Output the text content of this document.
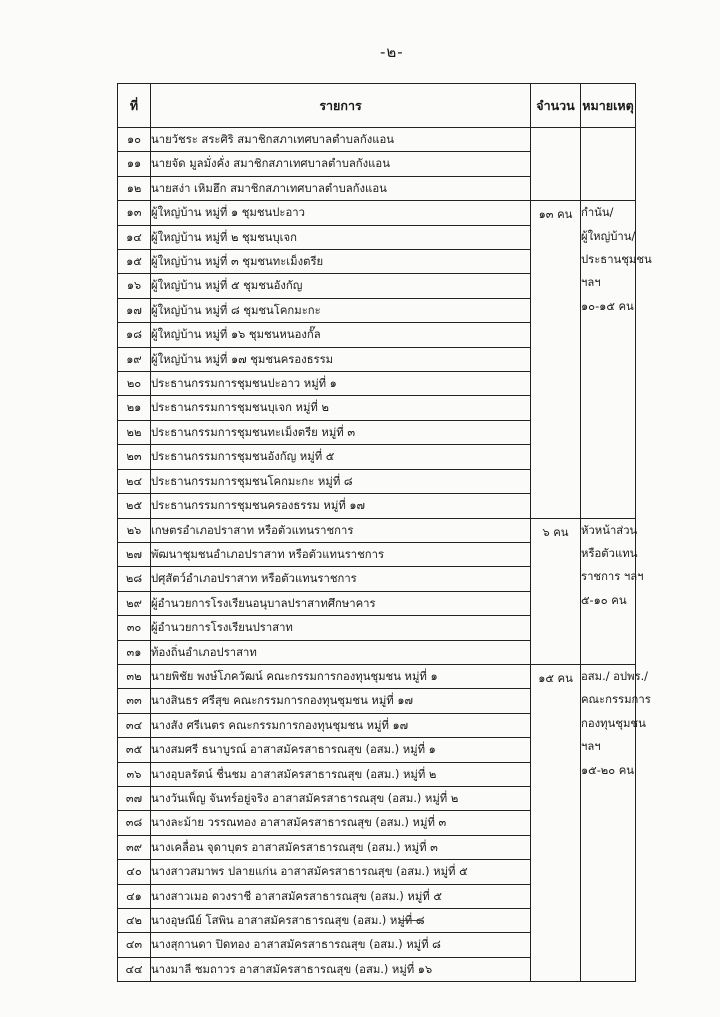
-๒-
ที่	รายการ	จำนวน	หมายเหตุ
๑๐	นายวัชระ สระศิริ สมาชิกสภาเทศบาลตำบลกังแอน	

๑๑	นายจัด มูลมั่งคั่ง สมาชิกสภาเทศบาลตำบลกังแอน		
๑๒	นายสง่า เหิมฮึก สมาชิกสภาเทศบาลตำบลกังแอน		
๑๓	ผู้ใหญ่บ้าน หมู่ที่ ๑ ชุมชนปะอาว	๑๓ คน	กำนัน/
ผู้ใหญ่บ้าน/
ประธานชุมชน
ฯลฯ
๑๐-๑๕ คน

๑๔	ผู้ใหญ่บ้าน หมู่ที่ ๒ ชุมชนบุเจก		
๑๕	ผู้ใหญ่บ้าน หมู่ที่ ๓ ชุมชนทะเม็งตรีย		
๑๖	ผู้ใหญ่บ้าน หมู่ที่ ๕ ชุมชนอังกัญ		
๑๗	ผู้ใหญ่บ้าน หมู่ที่ ๘ ชุมชนโคกมะกะ		
๑๘	ผู้ใหญ่บ้าน หมู่ที่ ๑๖ ชุมชนหนองกั๊ล		
๑๙	ผู้ใหญ่บ้าน หมู่ที่ ๑๗ ชุมชนครองธรรม		
๒๐	ประธานกรรมการชุมชนปะอาว หมู่ที่ ๑		
๒๑	ประธานกรรมการชุมชนบุเจก หมู่ที่ ๒		
๒๒	ประธานกรรมการชุมชนทะเม็งตรีย หมู่ที่ ๓		
๒๓	ประธานกรรมการชุมชนอังกัญ หมู่ที่ ๕		
๒๔	ประธานกรรมการชุมชนโคกมะกะ หมู่ที่ ๘		
๒๕	ประธานกรรมการชุมชนครองธรรม หมู่ที่ ๑๗		
๒๖	เกษตรอำเภอปราสาท หรือตัวแทนราชการ	๖ คน	หัวหน้าส่วน
หรือตัวแทน
ราชการ ฯลฯ
๕-๑๐ คน

๒๗	พัฒนาชุมชนอำเภอปราสาท หรือตัวแทนราชการ		
๒๘	ปศุสัตว์อำเภอปราสาท หรือตัวแทนราชการ		
๒๙	ผู้อำนวยการโรงเรียนอนุบาลปราสาทศึกษาคาร		
๓๐	ผู้อำนวยการโรงเรียนปราสาท		
๓๑	ท้องถิ่นอำเภอปราสาท		
๓๒	นายพิชัย พงษ์โภควัฒน์ คณะกรรมการกองทุนชุมชน หมู่ที่ ๑	๑๕ คน	อสม./ อปพร./
คณะกรรมการ
กองทุนชุมชน
ฯลฯ
๑๕-๒๐ คน

๓๓	นางสินธร ศรีสุข คณะกรรมการกองทุนชุมชน หมู่ที่ ๑๗		
๓๔	นางสัง ศรีเนตร คณะกรรมการกองทุนชุมชน หมู่ที่ ๑๗		
๓๕	นางสมศรี ธนาบูรณ์ อาสาสมัครสาธารณสุข (อสม.) หมู่ที่ ๑		
๓๖	นางอุบลรัตน์ ชื่นชม อาสาสมัครสาธารณสุข (อสม.) หมู่ที่ ๒		
๓๗	นางวันเพ็ญ จันทร์อยู่จริง อาสาสมัครสาธารณสุข (อสม.) หมู่ที่ ๒		
๓๘	นางละม้าย วรรณทอง อาสาสมัครสาธารณสุข (อสม.) หมู่ที่ ๓		
๓๙	นางเคลื่อน จุดาบุตร อาสาสมัครสาธารณสุข (อสม.) หมู่ที่ ๓		
๔๐	นางสาวสมาพร ปลายแก่น อาสาสมัครสาธารณสุข (อสม.) หมู่ที่ ๕		
๔๑	นางสาวเมอ ดวงราชี อาสาสมัครสาธารณสุข (อสม.) หมู่ที่ ๕		
๔๒	นางอุษณีย์ โสพิน อาสาสมัครสาธารณสุข (อสม.) หมู่ที่ ๘		
๔๓	นางสุกานดา ปิดทอง อาสาสมัครสาธารณสุข (อสม.) หมู่ที่ ๘		
๔๔	นางมาลี ชมถาวร อาสาสมัครสาธารณสุข (อสม.) หมู่ที่ ๑๖		
